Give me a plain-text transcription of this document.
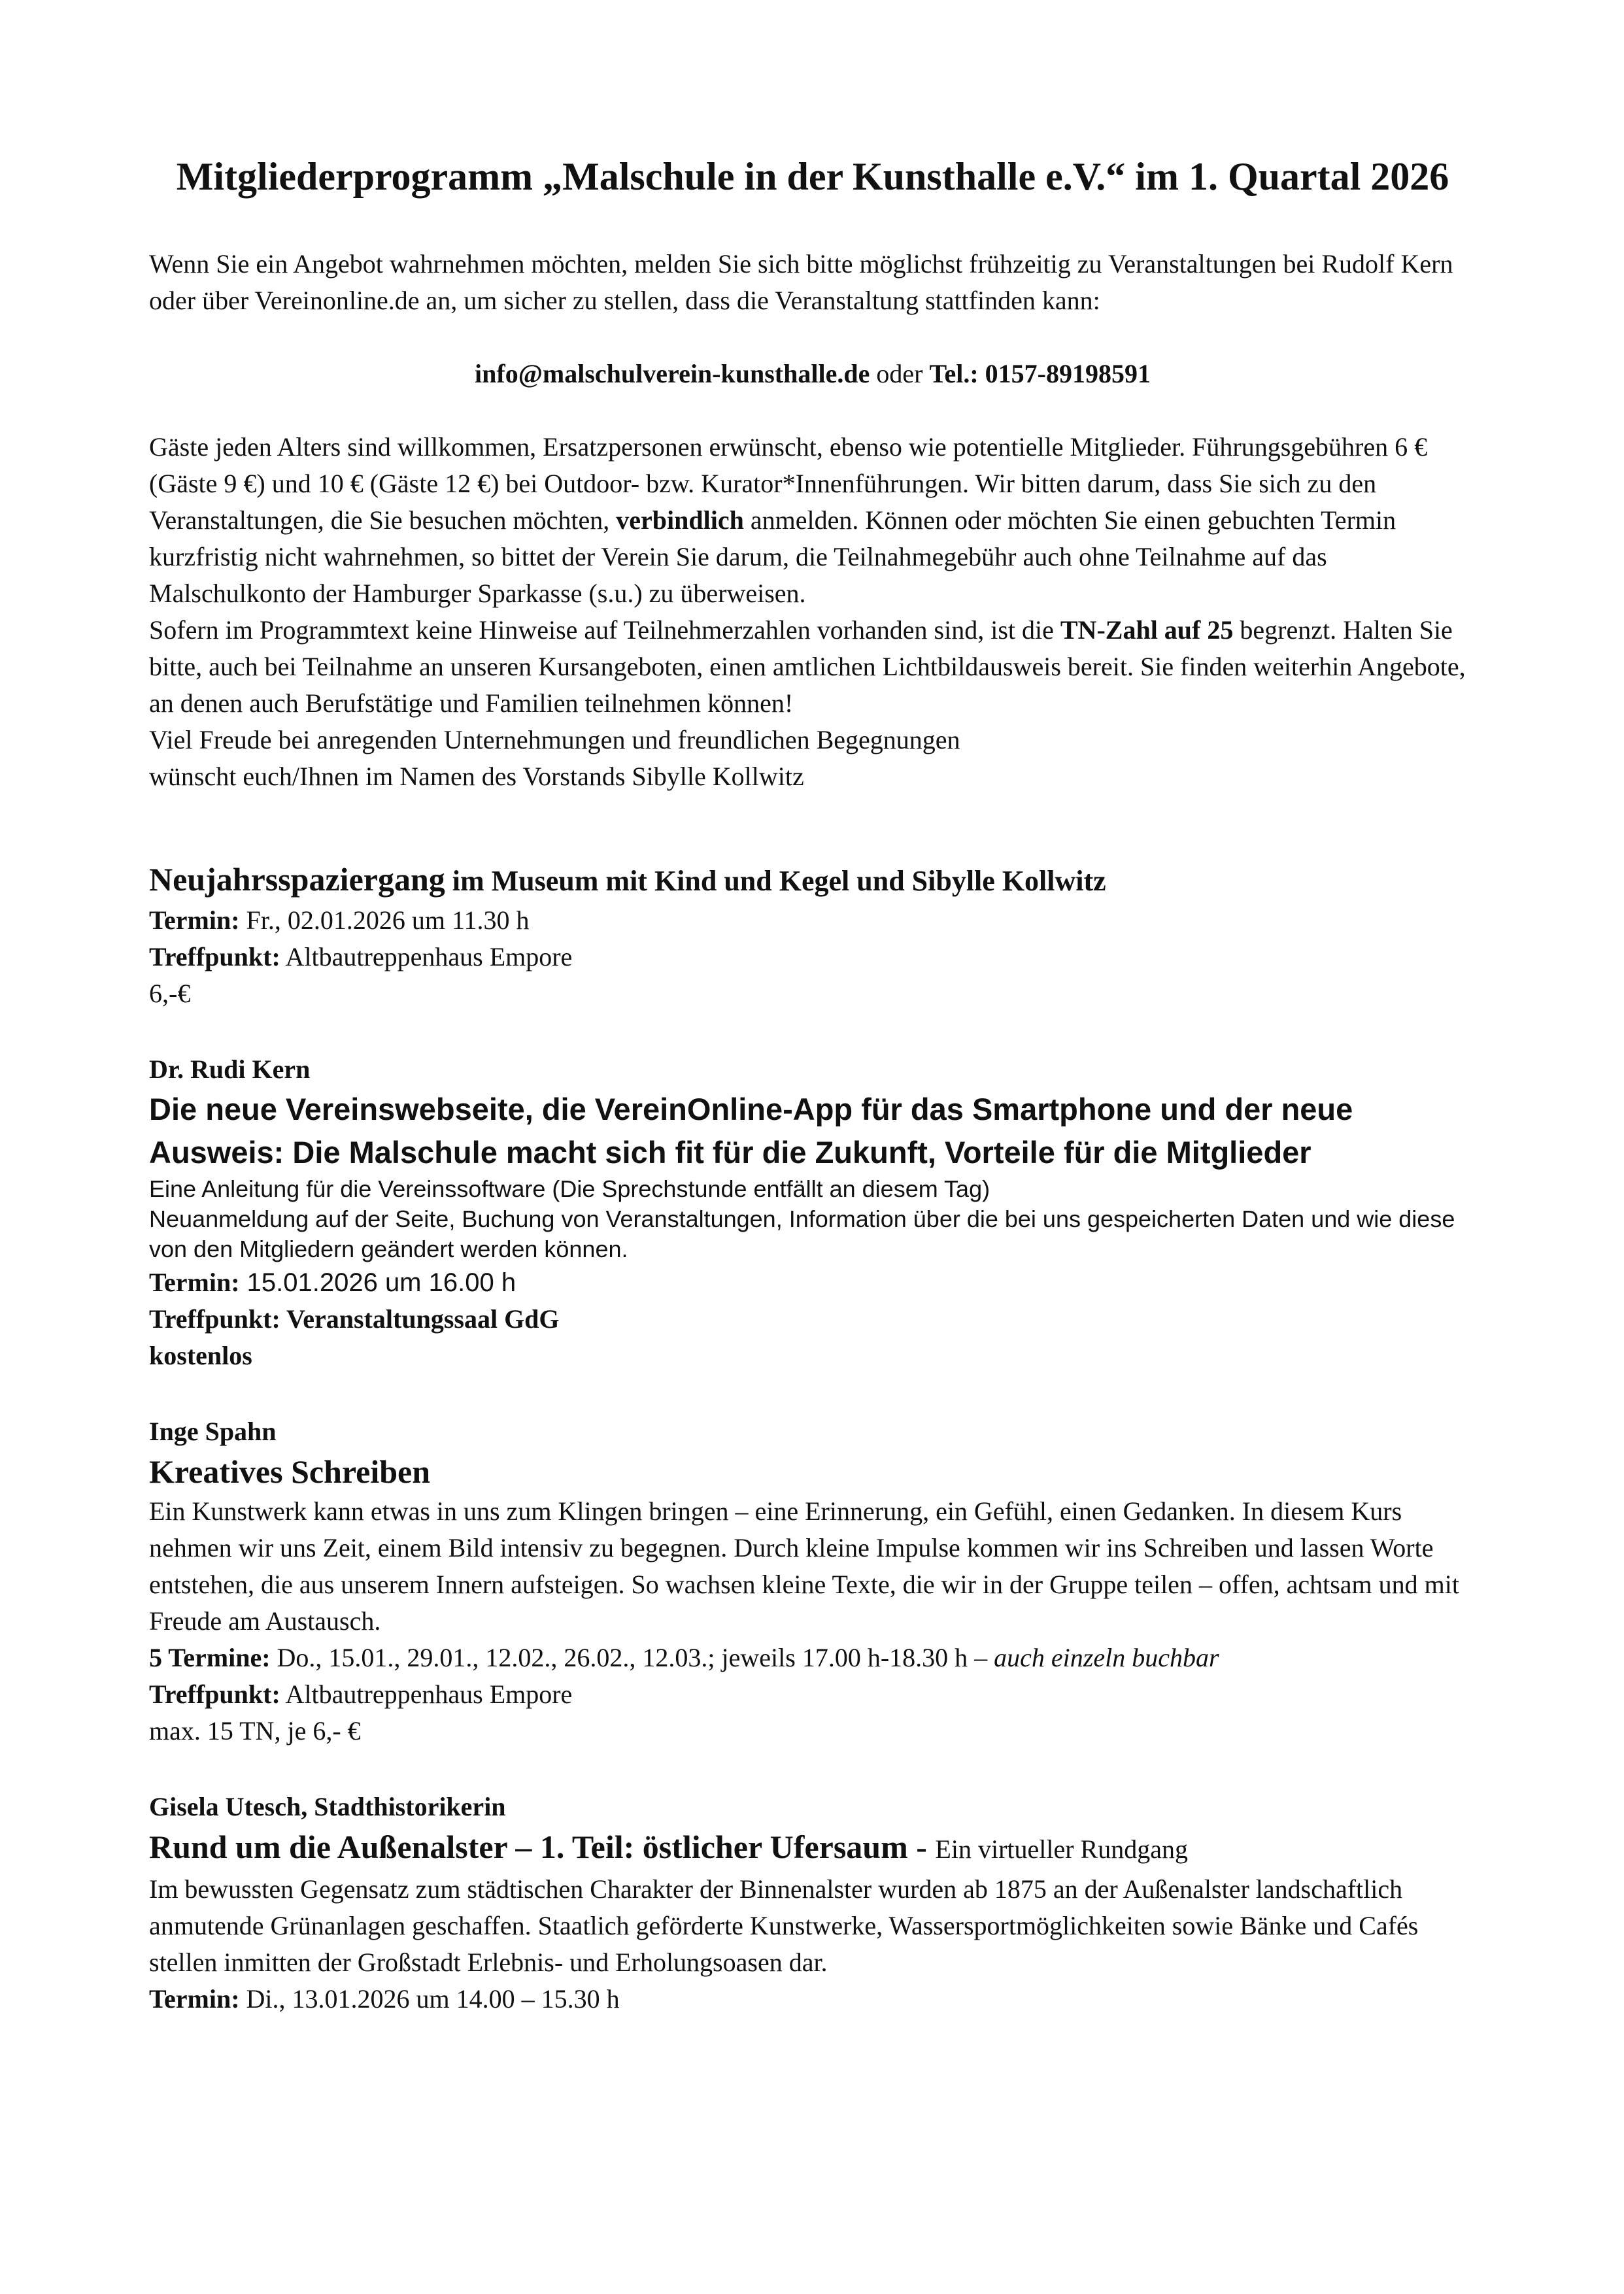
Mitgliederprogramm „Malschule in der Kunsthalle e.V.“ im 1. Quartal 2026

Wenn Sie ein Angebot wahrnehmen möchten, melden Sie sich bitte möglichst frühzeitig zu Veranstaltungen bei Rudolf Kern oder über Vereinonline.de an, um sicher zu stellen, dass die Veranstaltung stattfinden kann:

info@malschulverein-kunsthalle.de oder Tel.: 0157-89198591

Gäste jeden Alters sind willkommen, Ersatzpersonen erwünscht, ebenso wie potentielle Mitglieder. Führungsgebühren 6 € (Gäste 9 €) und 10 € (Gäste 12 €) bei Outdoor- bzw. Kurator*Innenführungen. Wir bitten darum, dass Sie sich zu den Veranstaltungen, die Sie besuchen möchten, verbindlich anmelden. Können oder möchten Sie einen gebuchten Termin kurzfristig nicht wahrnehmen, so bittet der Verein Sie darum, die Teilnahmegebühr auch ohne Teilnahme auf das Malschulkonto der Hamburger Sparkasse (s.u.) zu überweisen.

Sofern im Programmtext keine Hinweise auf Teilnehmerzahlen vorhanden sind, ist die TN-Zahl auf 25 begrenzt. Halten Sie bitte, auch bei Teilnahme an unseren Kursangeboten, einen amtlichen Lichtbildausweis bereit. Sie finden weiterhin Angebote, an denen auch Berufstätige und Familien teilnehmen können!

Viel Freude bei anregenden Unternehmungen und freundlichen Begegnungen

wünscht euch/Ihnen im Namen des Vorstands Sibylle Kollwitz

Neujahrsspaziergang im Museum mit Kind und Kegel und Sibylle Kollwitz

Termin: Fr., 02.01.2026 um 11.30 h

Treffpunkt: Altbautreppenhaus Empore

6,-€

Dr. Rudi Kern

Die neue Vereinswebseite, die VereinOnline-App für das Smartphone und der neue Ausweis: Die Malschule macht sich fit für die Zukunft, Vorteile für die Mitglieder

Eine Anleitung für die Vereinssoftware (Die Sprechstunde entfällt an diesem Tag)

Neuanmeldung auf der Seite, Buchung von Veranstaltungen, Information über die bei uns gespeicherten Daten und wie diese von den Mitgliedern geändert werden können.

Termin: 15.01.2026 um 16.00 h

Treffpunkt: Veranstaltungssaal GdG

kostenlos

Inge Spahn

Kreatives Schreiben

Ein Kunstwerk kann etwas in uns zum Klingen bringen – eine Erinnerung, ein Gefühl, einen Gedanken. In diesem Kurs nehmen wir uns Zeit, einem Bild intensiv zu begegnen. Durch kleine Impulse kommen wir ins Schreiben und lassen Worte entstehen, die aus unserem Innern aufsteigen. So wachsen kleine Texte, die wir in der Gruppe teilen – offen, achtsam und mit Freude am Austausch.

5 Termine: Do., 15.01., 29.01., 12.02., 26.02., 12.03.; jeweils 17.00 h-18.30 h – auch einzeln buchbar

Treffpunkt: Altbautreppenhaus Empore

max. 15 TN, je 6,- €

Gisela Utesch, Stadthistorikerin

Rund um die Außenalster – 1. Teil: östlicher Ufersaum - Ein virtueller Rundgang

Im bewussten Gegensatz zum städtischen Charakter der Binnenalster wurden ab 1875 an der Außenalster landschaftlich anmutende Grünanlagen geschaffen. Staatlich geförderte Kunstwerke, Wassersportmöglichkeiten sowie Bänke und Cafés stellen inmitten der Großstadt Erlebnis- und Erholungsoasen dar.

Termin: Di., 13.01.2026 um 14.00 – 15.30 h
